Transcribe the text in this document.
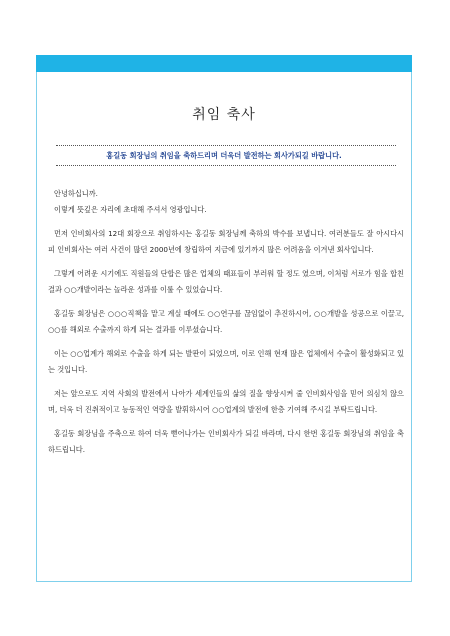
취임 축사
홍길동 회장님의 취임을 축하드리며 더욱더 발전하는 회사가되길 바랍니다.

안녕하십니까.

이렇게 뜻깊은 자리에 초대해 주셔서 영광입니다.

먼저 인비회사의 12대 회장으로 취임하시는 홍길동 회장님께 축하의 박수를 보냅니다. 여러분들도 잘 아시다시피 인비회사는 여러 사건이 많던 2000년에 창립하여 지금에 있기까지 많은 어려움을 이겨낸 회사입니다.

그렇게 어려운 시기에도 직원들의 단합은 많은 업체의 때표들이 부러워 할 정도 였으며, 이처럼 서로가 힘을 합친 결과 ○○개발이라는 놀라운 성과를 이룰 수 있었습니다.

홍길동 회장님은 ○○○직책을 맡고 계실 때에도 ○○연구를 끊임없이 추진하시어, ○○개발을 성공으로 이끌고, ○○를 해외로 수출까지 하게 되는 결과를 이루셨습니다.

이는 ○○업계가 해외로 수출을 하게 되는 발판이 되었으며, 이로 인해 현재 많은 업체에서 수출이 활성화되고 있는 것입니다.

저는 앞으로도 지역 사회의 발전에서 나아가 세계인들의 삶의 질을 향상시켜 줄 인비회사임을 믿어 의심치 않으며, 더욱 더 진취적이고 능동적인 역량을 발휘하시어 ○○업계의 발전에 한층 기여해 주시길 부탁드립니다.

홍길동 회장님을 주축으로 하여 더욱 뻗어나가는 인비회사가 되길 바라며, 다시 한번 홍길동 회장님의 취임을 축하드립니다.
